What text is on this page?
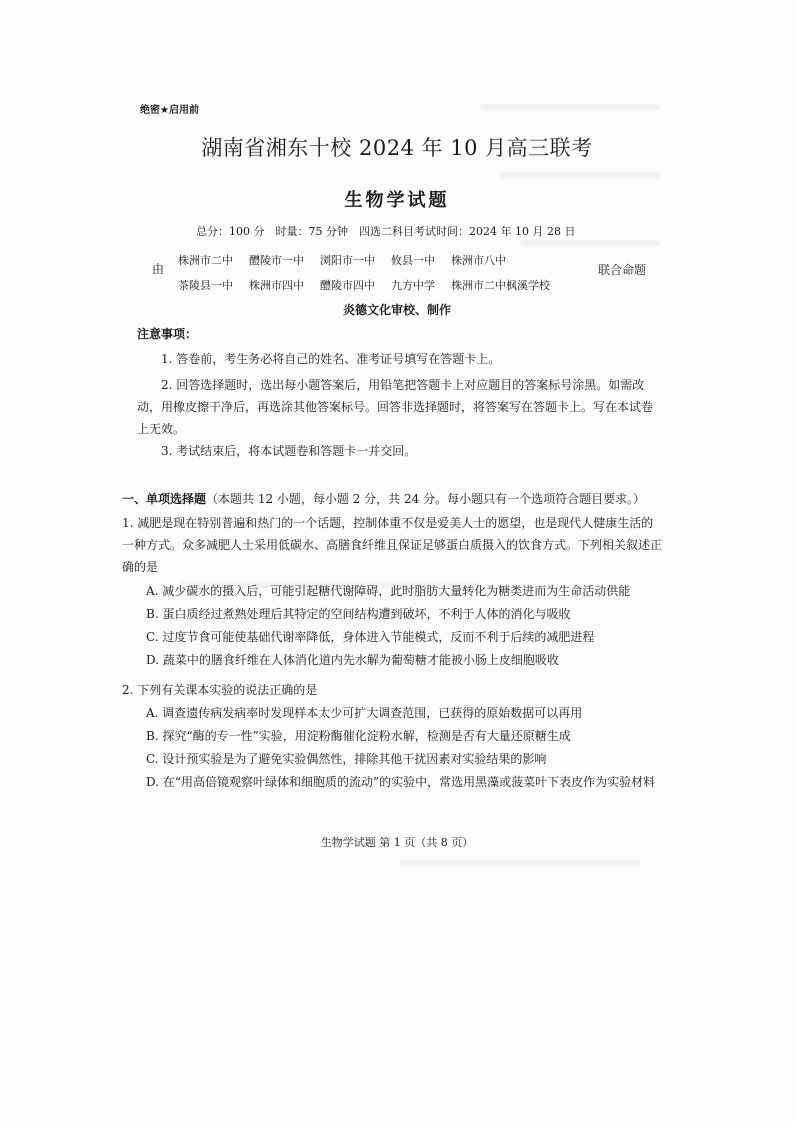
绝密★启用前
湖南省湘东十校 2024 年 10 月高三联考
生物学试题
总分：100 分　时量：75 分钟　四选二科目考试时间：2024 年 10 月 28 日
由
株洲市二中 醴陵市一中 浏阳市一中 攸县一中 株洲市八中
茶陵县一中 株洲市四中 醴陵市四中 九方中学 株洲市二中枫溪学校
联合命题
炎德文化审校、制作
注意事项：
1. 答卷前，考生务必将自己的姓名、准考证号填写在答题卡上。
2. 回答选择题时，选出每小题答案后，用铅笔把答题卡上对应题目的答案标号涂黑。如需改动，用橡皮擦干净后，再选涂其他答案标号。回答非选择题时，将答案写在答题卡上。写在本试卷上无效。
3. 考试结束后，将本试题卷和答题卡一并交回。
一、单项选择题（本题共 12 小题，每小题 2 分，共 24 分。每小题只有一个选项符合题目要求。）
1. 减肥是现在特别普遍和热门的一个话题，控制体重不仅是爱美人士的愿望，也是现代人健康生活的一种方式。众多减肥人士采用低碳水、高膳食纤维且保证足够蛋白质摄入的饮食方式。下列相关叙述正确的是
A. 减少碳水的摄入后，可能引起糖代谢障碍，此时脂肪大量转化为糖类进而为生命活动供能
B. 蛋白质经过煮熟处理后其特定的空间结构遭到破坏，不利于人体的消化与吸收
C. 过度节食可能使基础代谢率降低，身体进入节能模式，反而不利于后续的减肥进程
D. 蔬菜中的膳食纤维在人体消化道内先水解为葡萄糖才能被小肠上皮细胞吸收
2. 下列有关课本实验的说法正确的是
A. 调查遗传病发病率时发现样本太少可扩大调查范围，已获得的原始数据可以再用
B. 探究“酶的专一性”实验，用淀粉酶催化淀粉水解，检测是否有大量还原糖生成
C. 设计预实验是为了避免实验偶然性，排除其他干扰因素对实验结果的影响
D. 在“用高倍镜观察叶绿体和细胞质的流动”的实验中，常选用黑藻或菠菜叶下表皮作为实验材料
生物学试题 第 1 页（共 8 页）
